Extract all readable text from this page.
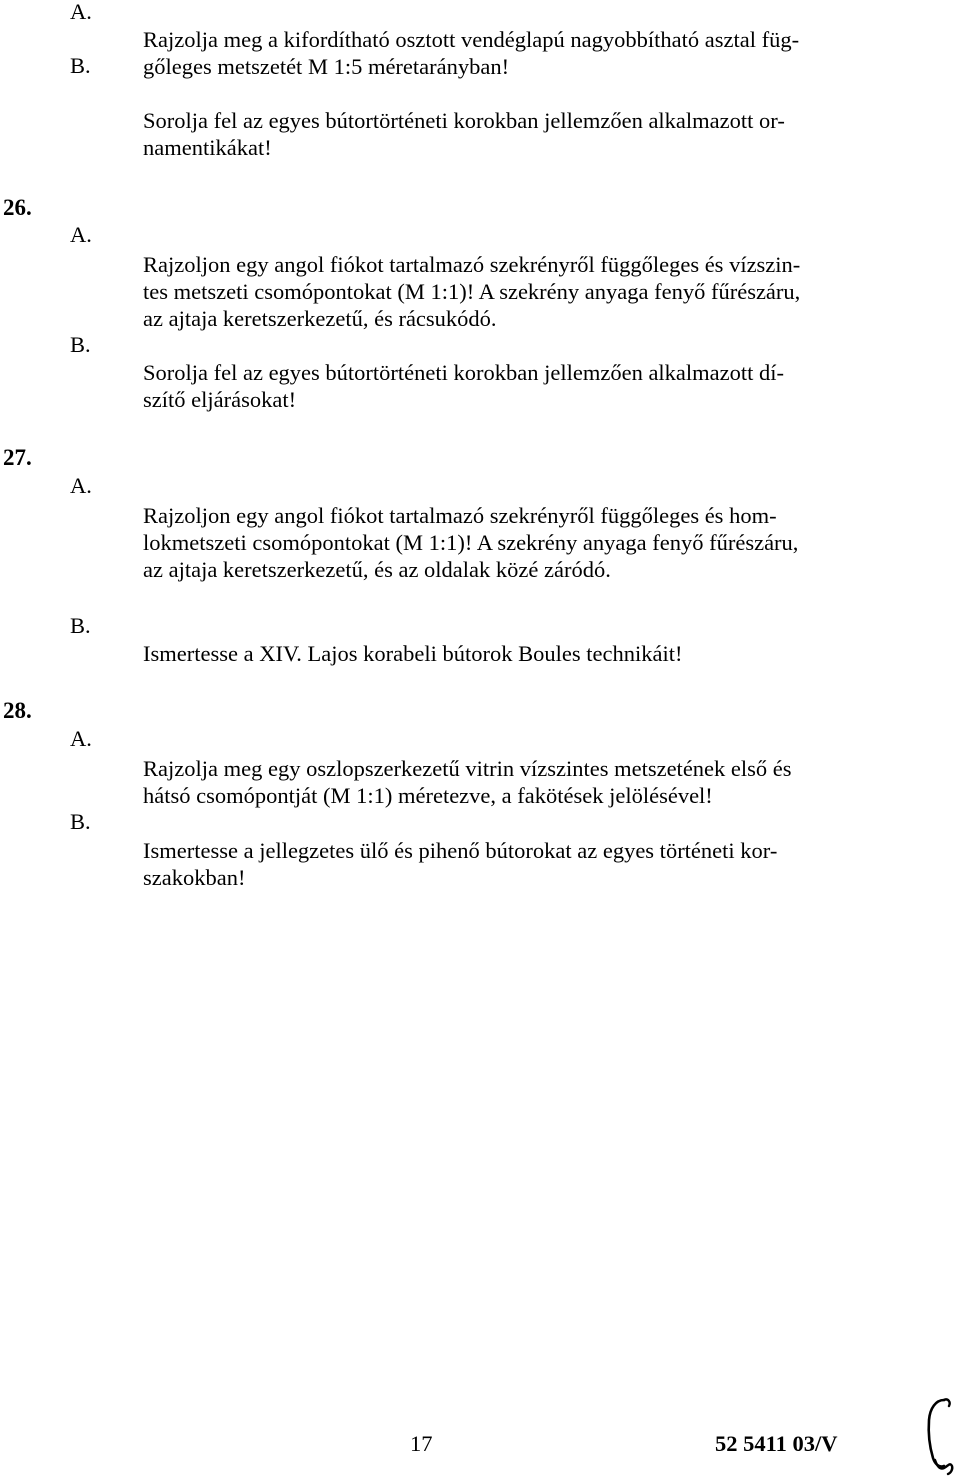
A.
Rajzolja meg a kifordítható osztott vendéglapú nagyobbítható asztal füg-
B. gőleges metszetét M 1:5 méretarányban!
Sorolja fel az egyes bútortörténeti korokban jellemzően alkalmazott or-
namentikákat!
26.
A.
Rajzoljon egy angol fiókot tartalmazó szekrényről függőleges és vízszin-
tes metszeti csomópontokat (M 1:1)! A szekrény anyaga fenyő fűrészáru,
az ajtaja keretszerkezetű, és rácsukódó.
B.
Sorolja fel az egyes bútortörténeti korokban jellemzően alkalmazott dí-
szítő eljárásokat!
27.
A.
Rajzoljon egy angol fiókot tartalmazó szekrényről függőleges és hom-
lokmetszeti csomópontokat (M 1:1)! A szekrény anyaga fenyő fűrészáru,
az ajtaja keretszerkezetű, és az oldalak közé záródó.
B.
Ismertesse a XIV. Lajos korabeli bútorok Boules technikáit!
28.
A.
Rajzolja meg egy oszlopszerkezetű vitrin vízszintes metszetének első és
hátsó csomópontját (M 1:1) méretezve, a fakötések jelölésével!
B.
Ismertesse a jellegzetes ülő és pihenő bútorokat az egyes történeti kor-
szakokban!
17	52 5411 03/V
